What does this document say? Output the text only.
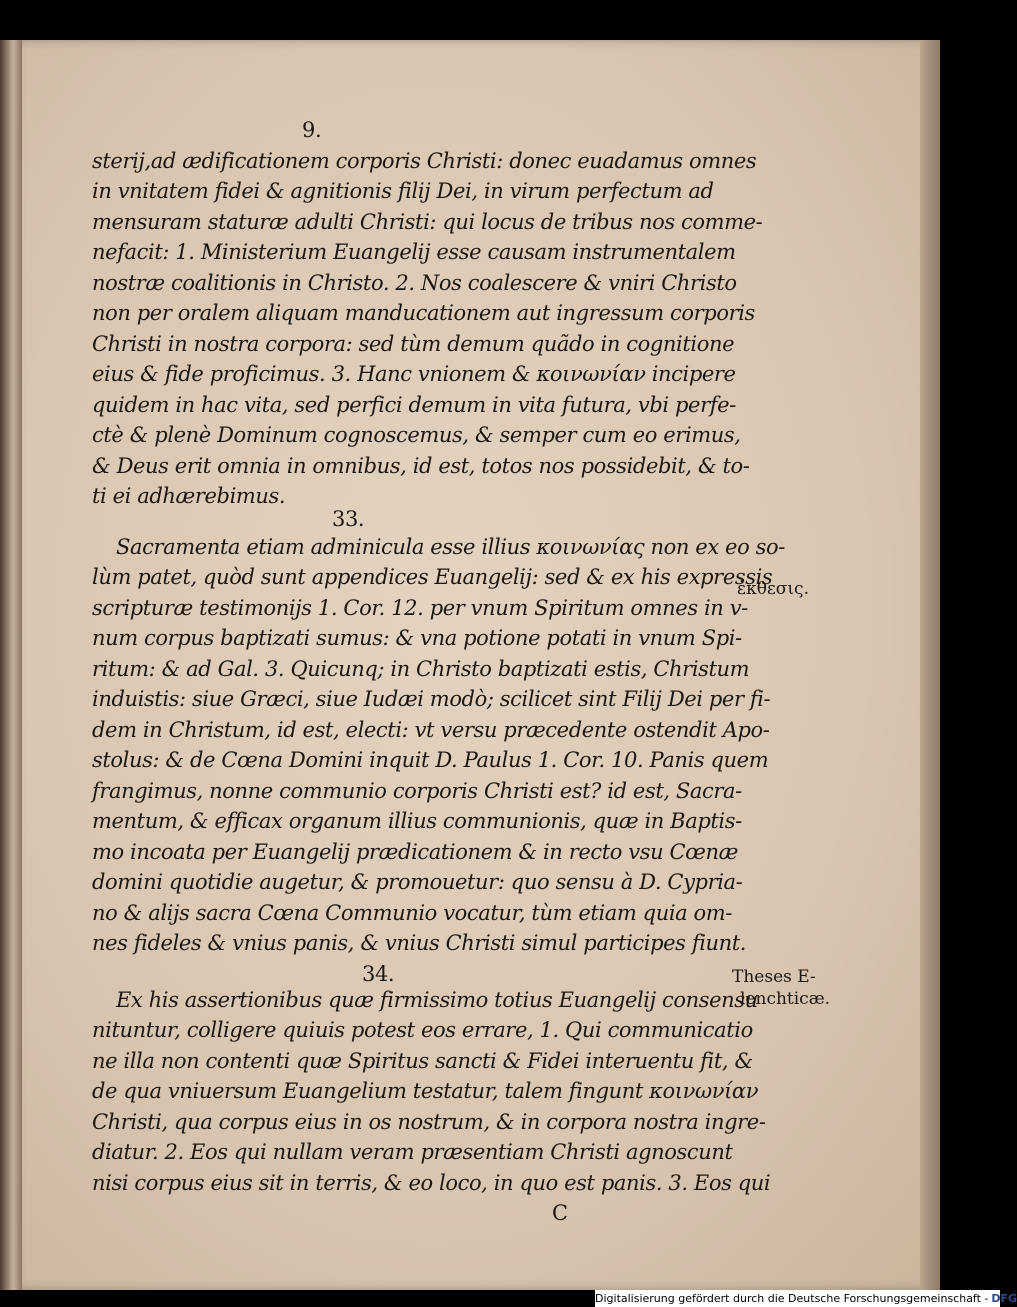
9.
sterij,ad ædificationem corporis Christi: donec euadamus omnes
in vnitatem fidei & agnitionis filij Dei, in virum perfectum ad
mensuram staturæ adulti Christi: qui locus de tribus nos comme-
nefacit: 1. Ministerium Euangelij esse causam instrumentalem
nostræ coalitionis in Christo. 2. Nos coalescere & vniri Christo
non per oralem aliquam manducationem aut ingressum corporis
Christi in nostra corpora: sed tùm demum quãdo in cognitione
eius & fide proficimus. 3. Hanc vnionem & κοινωνίαν incipere
quidem in hac vita, sed perfici demum in vita futura, vbi perfe-
ctè & plenè Dominum cognoscemus, & semper cum eo erimus,
& Deus erit omnia in omnibus, id est, totos nos possidebit, & to-
ti ei adhærebimus.
33.
Sacramenta etiam adminicula esse illius κοινωνίας non ex eo so-
lùm patet, quòd sunt appendices Euangelij: sed & ex his expressis
scripturæ testimonijs 1. Cor. 12. per vnum Spiritum omnes in v-
num corpus baptizati sumus: & vna potione potati in vnum Spi-
ritum: & ad Gal. 3. Quicunq; in Christo baptizati estis, Christum
induistis: siue Græci, siue Iudæi modò; scilicet sint Filij Dei per fi-
dem in Christum, id est, electi: vt versu præcedente ostendit Apo-
stolus: & de Cœna Domini inquit D. Paulus 1. Cor. 10. Panis quem
frangimus, nonne communio corporis Christi est? id est, Sacra-
mentum, & efficax organum illius communionis, quæ in Baptis-
mo incoata per Euangelij prædicationem & in recto vsu Cœnæ
domini quotidie augetur, & promouetur: quo sensu à D. Cypria-
no & alijs sacra Cœna Communio vocatur, tùm etiam quia om-
nes fideles & vnius panis, & vnius Christi simul participes fiunt.
34.
Ex his assertionibus quæ firmissimo totius Euangelij consensu
nituntur, colligere quiuis potest eos errare, 1. Qui communicatio
ne illa non contenti quæ Spiritus sancti & Fidei interuentu fit, &
de qua vniuersum Euangelium testatur, talem fingunt κοινωνίαν
Christi, qua corpus eius in os nostrum, & in corpora nostra ingre-
diatur. 2. Eos qui nullam veram præsentiam Christi agnoscunt
nisi corpus eius sit in terris, & eo loco, in quo est panis. 3. Eos qui
C
ἐκθεσις.
Theses E-
lenchticæ.
Digitalisierung gefördert durch die Deutsche Forschungsgemeinschaft - DFG
